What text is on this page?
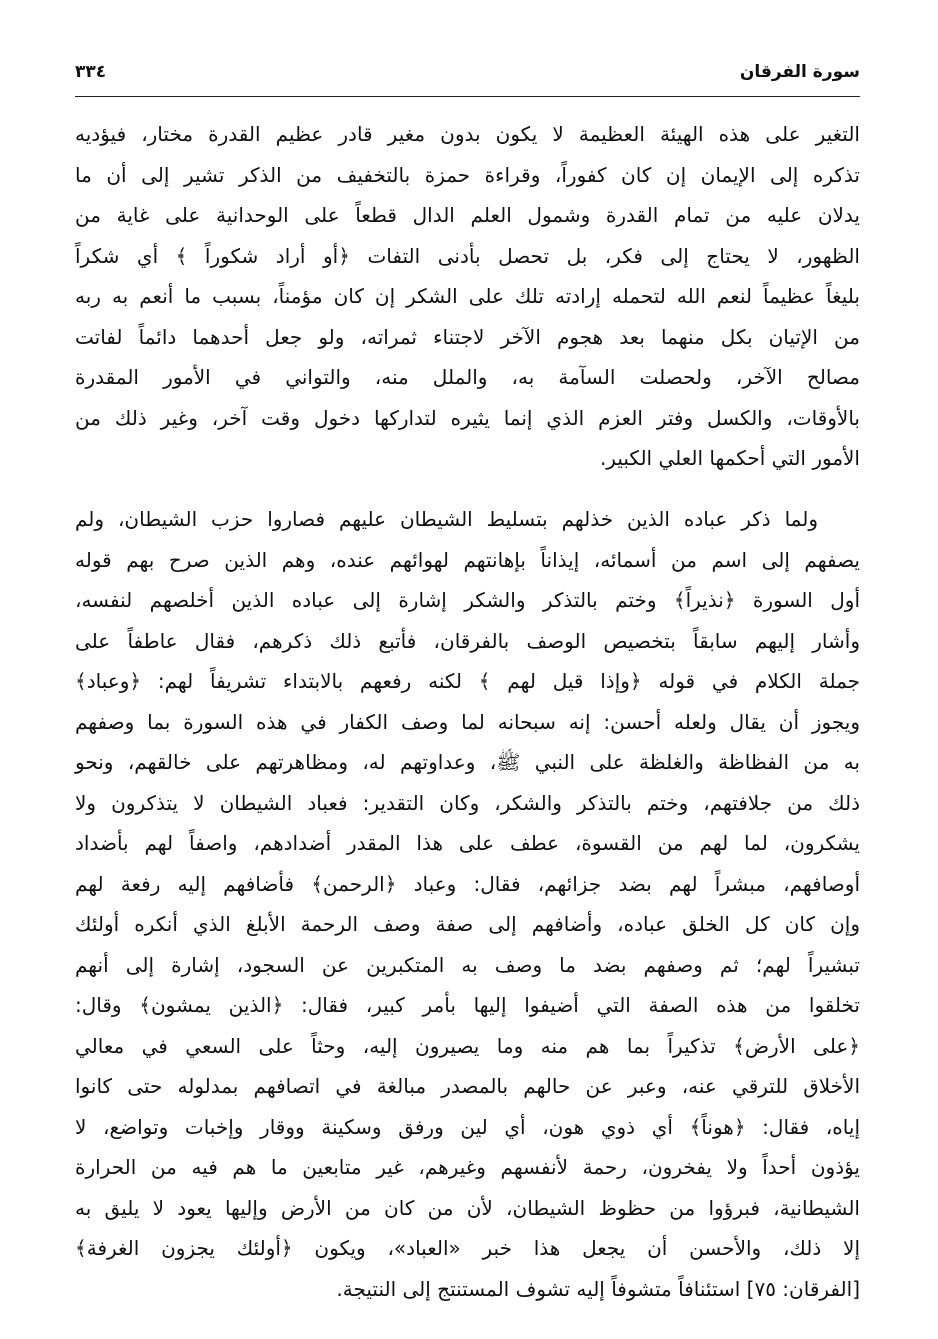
سورة الفرقان
٣٣٤
التغير على هذه الهيئة العظيمة لا يكون بدون مغير قادر عظيم القدرة مختار، فيؤديه
تذكره إلى الإيمان إن كان كفوراً، وقراءة حمزة بالتخفيف من الذكر تشير إلى أن ما
يدلان عليه من تمام القدرة وشمول العلم الدال قطعاً على الوحدانية على غاية من
الظهور، لا يحتاج إلى فكر، بل تحصل بأدنى التفات ﴿أو أراد شكوراً ﴾ أي شكراً
بليغاً عظيماً لنعم الله لتحمله إرادته تلك على الشكر إن كان مؤمناً، بسبب ما أنعم به ربه
من الإتيان بكل منهما بعد هجوم الآخر لاجتناء ثمراته، ولو جعل أحدهما دائماً لفاتت
مصالح الآخر، ولحصلت السآمة به، والملل منه، والتواني في الأمور المقدرة
بالأوقات، والكسل وفتر العزم الذي إنما يثيره لتداركها دخول وقت آخر، وغير ذلك من
الأمور التي أحكمها العلي الكبير.
ولما ذكر عباده الذين خذلهم بتسليط الشيطان عليهم فصاروا حزب الشيطان، ولم
يصفهم إلى اسم من أسمائه، إيذاناً بإهانتهم لهوائهم عنده، وهم الذين صرح بهم قوله
أول السورة ﴿نذيراً﴾ وختم بالتذكر والشكر إشارة إلى عباده الذين أخلصهم لنفسه،
وأشار إليهم سابقاً بتخصيص الوصف بالفرقان، فأتبع ذلك ذكرهم، فقال عاطفاً على
جملة الكلام في قوله ﴿وإذا قيل لهم ﴾ لكنه رفعهم بالابتداء تشريفاً لهم: ﴿وعباد﴾
ويجوز أن يقال ولعله أحسن: إنه سبحانه لما وصف الكفار في هذه السورة بما وصفهم
به من الفظاظة والغلظة على النبي ﷺ، وعداوتهم له، ومظاهرتهم على خالقهم، ونحو
ذلك من جلافتهم، وختم بالتذكر والشكر، وكان التقدير: فعباد الشيطان لا يتذكرون ولا
يشكرون، لما لهم من القسوة، عطف على هذا المقدر أضدادهم، واصفاً لهم بأضداد
أوصافهم، مبشراً لهم بضد جزائهم، فقال: وعباد ﴿الرحمن﴾ فأضافهم إليه رفعة لهم
وإن كان كل الخلق عباده، وأضافهم إلى صفة وصف الرحمة الأبلغ الذي أنكره أولئك
تبشيراً لهم؛ ثم وصفهم بضد ما وصف به المتكبرين عن السجود، إشارة إلى أنهم
تخلقوا من هذه الصفة التي أضيفوا إليها بأمر كبير، فقال: ﴿الذين يمشون﴾ وقال:
﴿على الأرض﴾ تذكيراً بما هم منه وما يصيرون إليه، وحثاً على السعي في معالي
الأخلاق للترقي عنه، وعبر عن حالهم بالمصدر مبالغة في اتصافهم بمدلوله حتى كانوا
إياه، فقال: ﴿هوناً﴾ أي ذوي هون، أي لين ورفق وسكينة ووقار وإخبات وتواضع، لا
يؤذون أحداً ولا يفخرون، رحمة لأنفسهم وغيرهم، غير متابعين ما هم فيه من الحرارة
الشيطانية، فبرؤوا من حظوظ الشيطان، لأن من كان من الأرض وإليها يعود لا يليق به
إلا ذلك، والأحسن أن يجعل هذا خبر «العباد»، ويكون ﴿أولئك يجزون الغرفة﴾
[الفرقان: ٧٥] استئنافاً متشوفاً إليه تشوف المستنتج إلى النتيجة.
